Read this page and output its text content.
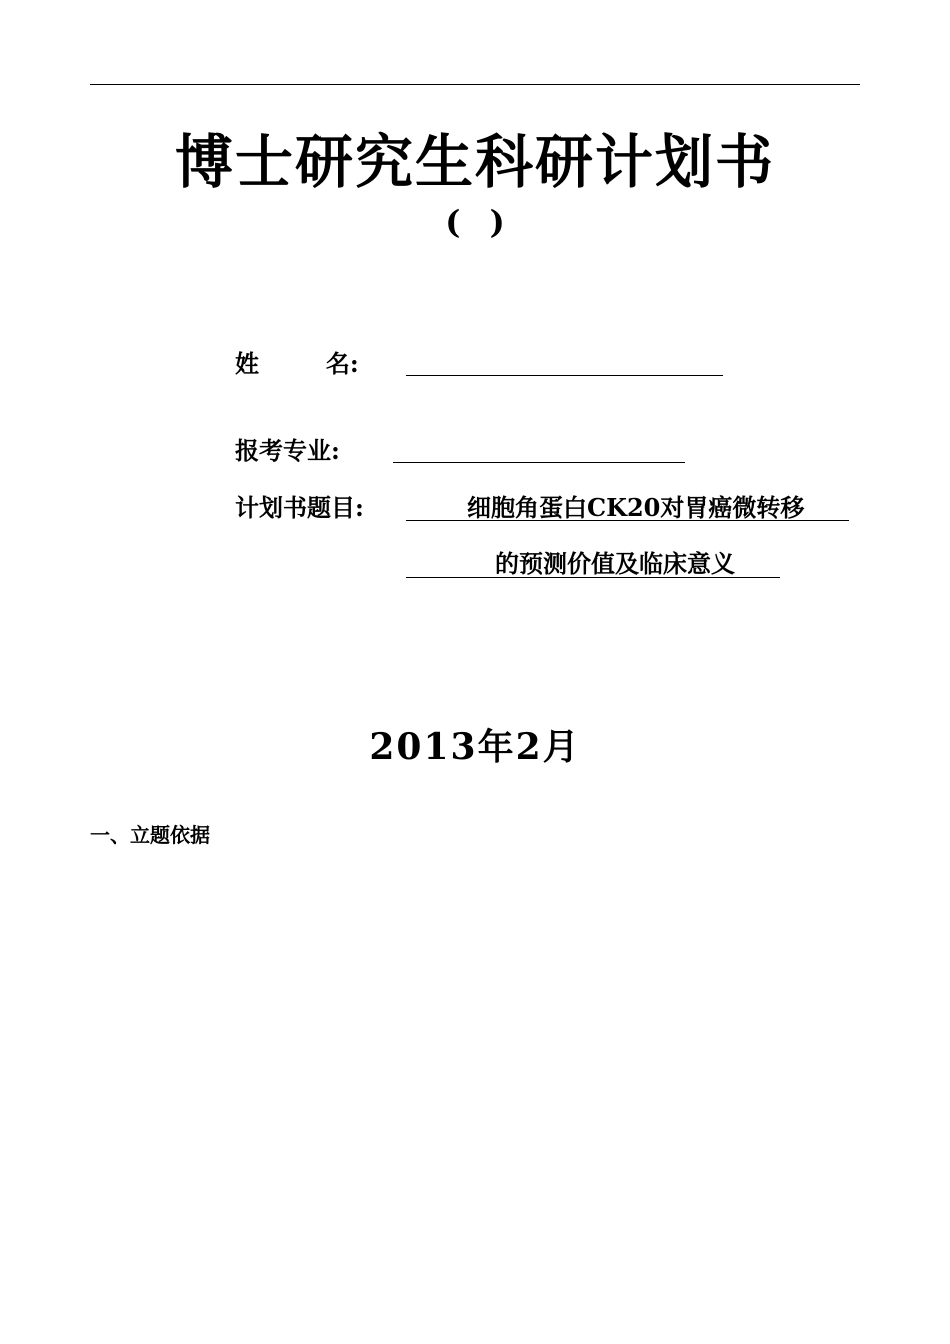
博士研究生科研计划书
( )
姓        名:
报考专业:
计划书题目:	细胞角蛋白CK20对胃癌微转移
的预测价值及临床意义
2013年2月
一、立题依据
